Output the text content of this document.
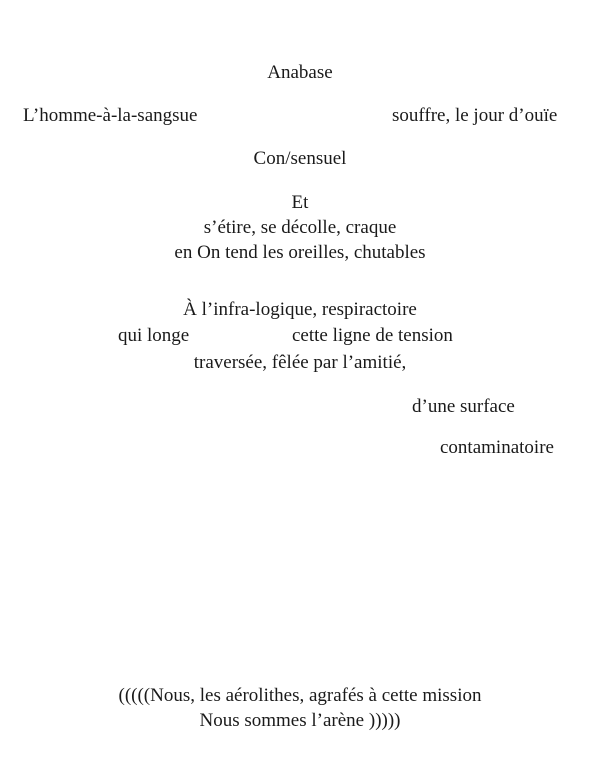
Anabase
L’homme-à-la-sangsue	souffre, le jour d’ouïe
Con/sensuel
Et
s’étire, se décolle, craque
en On tend les oreilles, chutables
À l’infra-logique, respiractoire
qui longe	cette ligne de tension
traversée, fêlée par l’amitié,
d’une surface
contaminatoire
(((((Nous, les aérolithes, agrafés à cette mission
Nous sommes l’arène )))))
